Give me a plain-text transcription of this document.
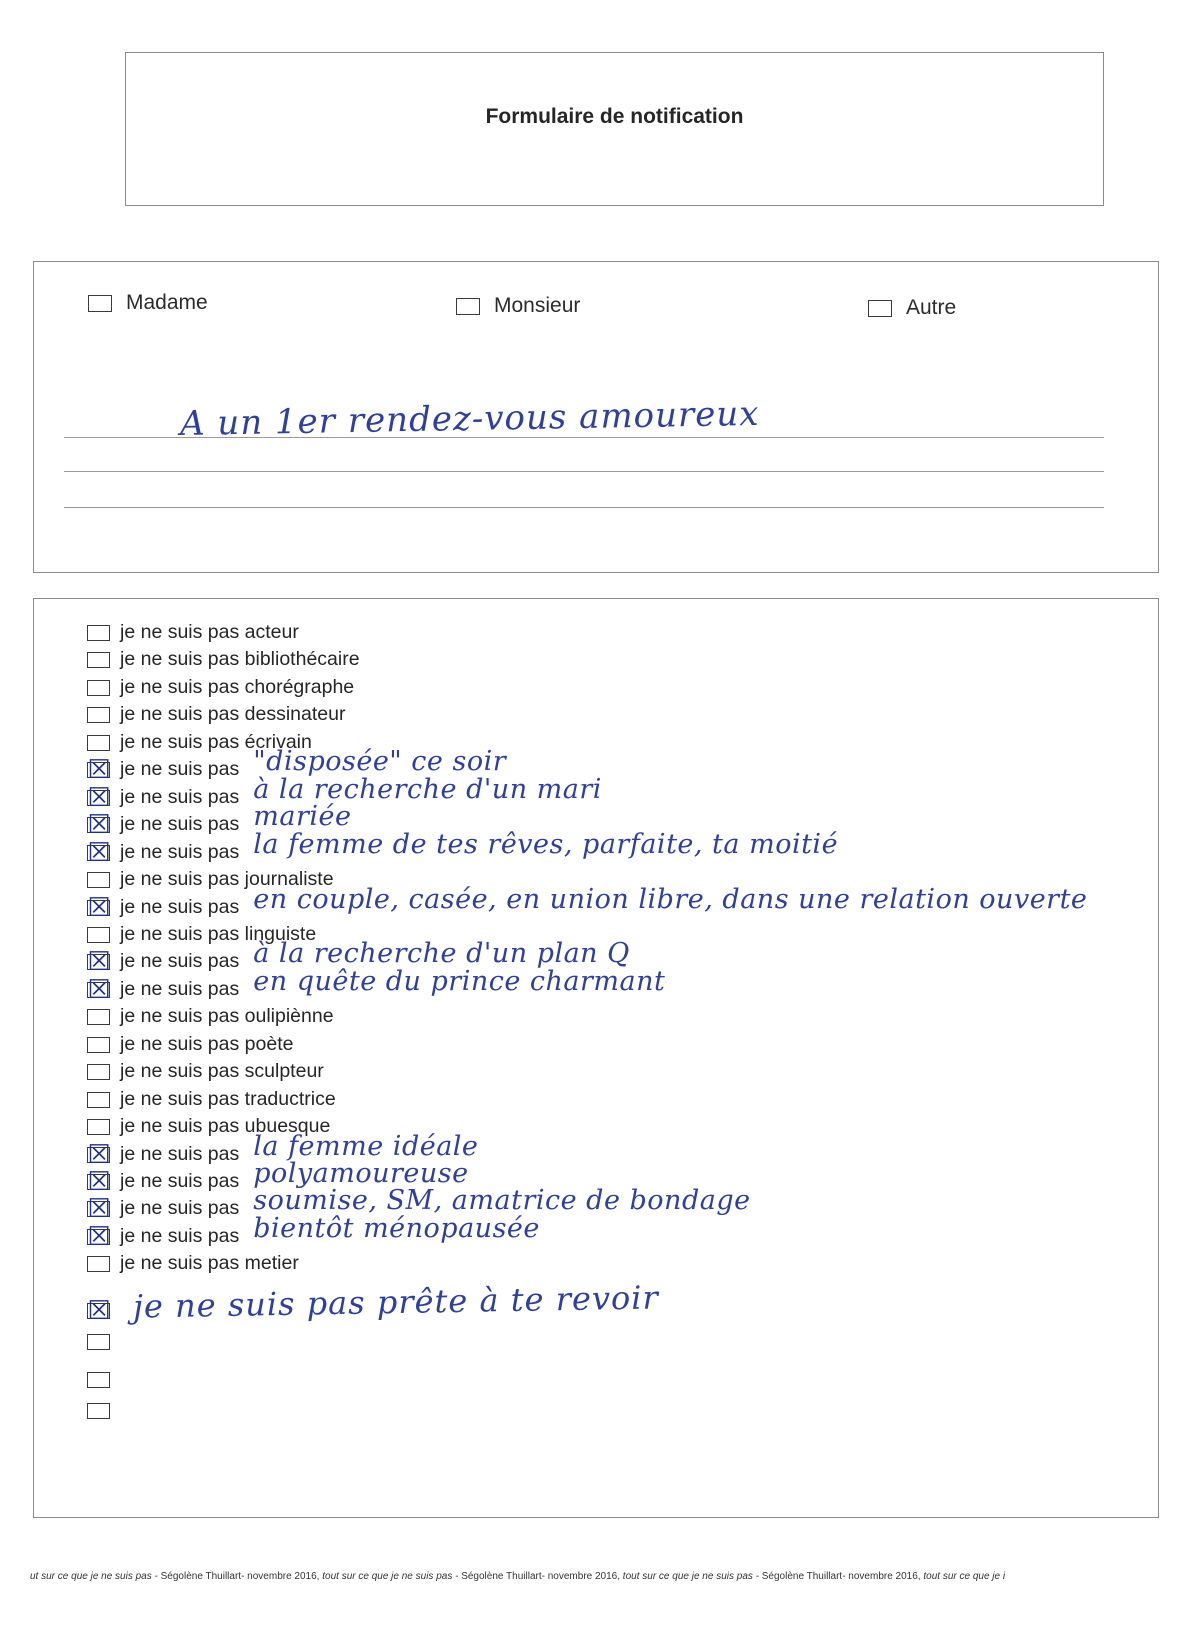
Formulaire de notification
Madame	Monsieur	Autre
A un 1er rendez-vous amoureux
je ne suis pas acteur
je ne suis pas bibliothécaire
je ne suis pas chorégraphe
je ne suis pas dessinateur
je ne suis pas écrivain
☒ je ne suis pas "disposée" ce soir
☒ je ne suis pas à la recherche d'un mari
☒ je ne suis pas mariée
☒ je ne suis pas la femme de tes rêves, parfaite, ta moitié
je ne suis pas journaliste
☒ je ne suis pas en couple, casée, en union libre, dans une relation ouverte
je ne suis pas linguiste
☒ je ne suis pas à la recherche d'un plan Q
☒ je ne suis pas en quête du prince charmant
je ne suis pas oulipiènne
je ne suis pas poète
je ne suis pas sculpteur
je ne suis pas traductrice
je ne suis pas ubuesque
☒ je ne suis pas la femme idéale
☒ je ne suis pas polyamoureuse
☒ je ne suis pas soumise, SM, amatrice de bondage
☒ je ne suis pas bientôt ménopausée
je ne suis pas metier
☒ je ne suis pas prête à te revoir
ut sur ce que je ne suis pas - Ségolène Thuillart- novembre 2016, tout sur ce que je ne suis pas - Ségolène Thuillart- novembre 2016, tout sur ce que je ne suis pas - Ségolène Thuillart- novembre 2016, tout sur ce que je i
